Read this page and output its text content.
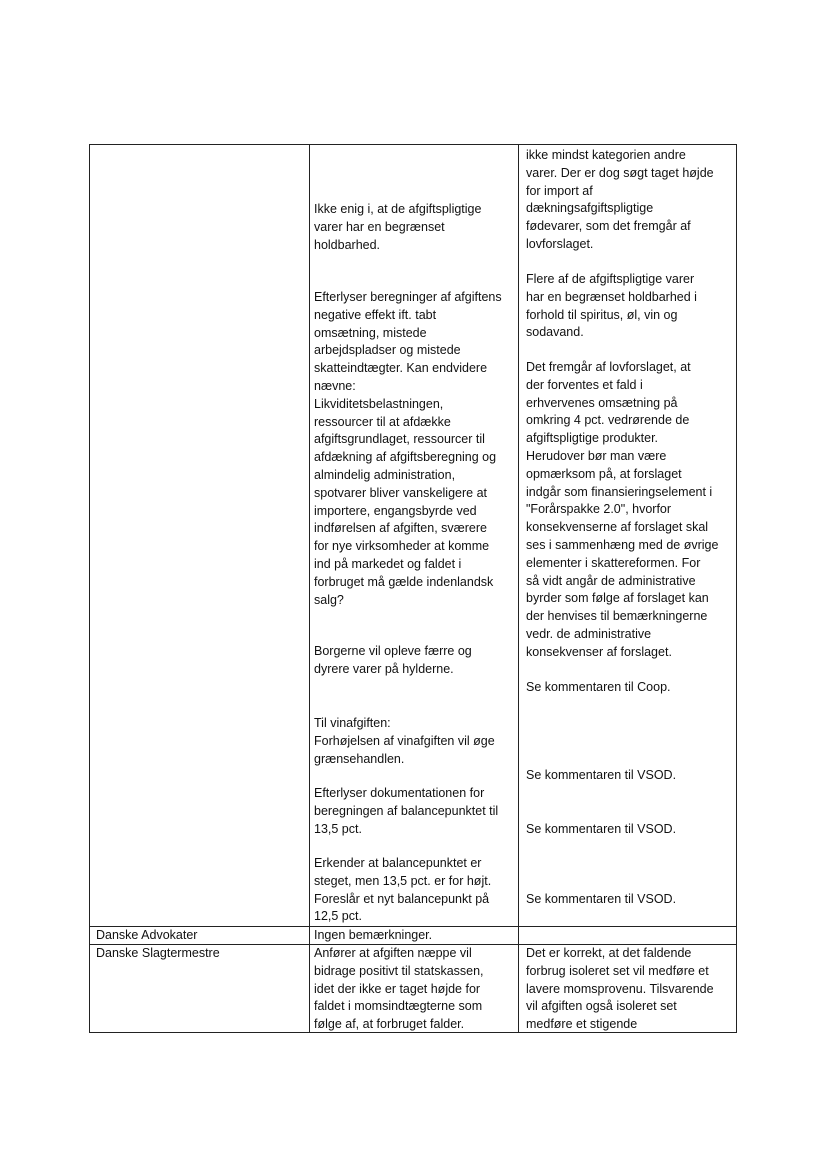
Ikke enig i, at de afgiftspligtige
varer har en begrænset
holdbarhed.

Efterlyser beregninger af afgiftens
negative effekt ift. tabt
omsætning, mistede
arbejdspladser og mistede
skatteindtægter. Kan endvidere
nævne:
Likviditetsbelastningen,
ressourcer til at afdække
afgiftsgrundlaget, ressourcer til
afdækning af afgiftsberegning og
almindelig administration,
spotvarer bliver vanskeligere at
importere, engangsbyrde ved
indførelsen af afgiften, sværere
for nye virksomheder at komme
ind på markedet og faldet i
forbruget må gælde indenlandsk
salg?

Borgerne vil opleve færre og
dyrere varer på hylderne.

Til vinafgiften:
Forhøjelsen af vinafgiften vil øge
grænsehandlen.

Efterlyser dokumentationen for
beregningen af balancepunktet til
13,5 pct.

Erkender at balancepunktet er
steget, men 13,5 pct. er for højt.
Foreslår et nyt balancepunkt på
12,5 pct.

ikke mindst kategorien andre
varer. Der er dog søgt taget højde
for import af
dækningsafgiftspligtige
fødevarer, som det fremgår af
lovforslaget.

Flere af de afgiftspligtige varer
har en begrænset holdbarhed i
forhold til spiritus, øl, vin og
sodavand.

Det fremgår af lovforslaget, at
der forventes et fald i
erhvervenes omsætning på
omkring 4 pct. vedrørende de
afgiftspligtige produkter.
Herudover bør man være
opmærksom på, at forslaget
indgår som finansieringselement i
"Forårspakke 2.0", hvorfor
konsekvenserne af forslaget skal
ses i sammenhæng med de øvrige
elementer i skattereformen. For
så vidt angår de administrative
byrder som følge af forslaget kan
der henvises til bemærkningerne
vedr. de administrative
konsekvenser af forslaget.

Se kommentaren til Coop.

Se kommentaren til VSOD.

Se kommentaren til VSOD.

Se kommentaren til VSOD.

Danske Advokater	Ingen bemærkninger.

Danske Slagtermestre	Anfører at afgiften næppe vil
bidrage positivt til statskassen,
idet der ikke er taget højde for
faldet i momsindtægterne som
følge af, at forbruget falder.

Det er korrekt, at det faldende
forbrug isoleret set vil medføre et
lavere momsprovenu. Tilsvarende
vil afgiften også isoleret set
medføre et stigende
